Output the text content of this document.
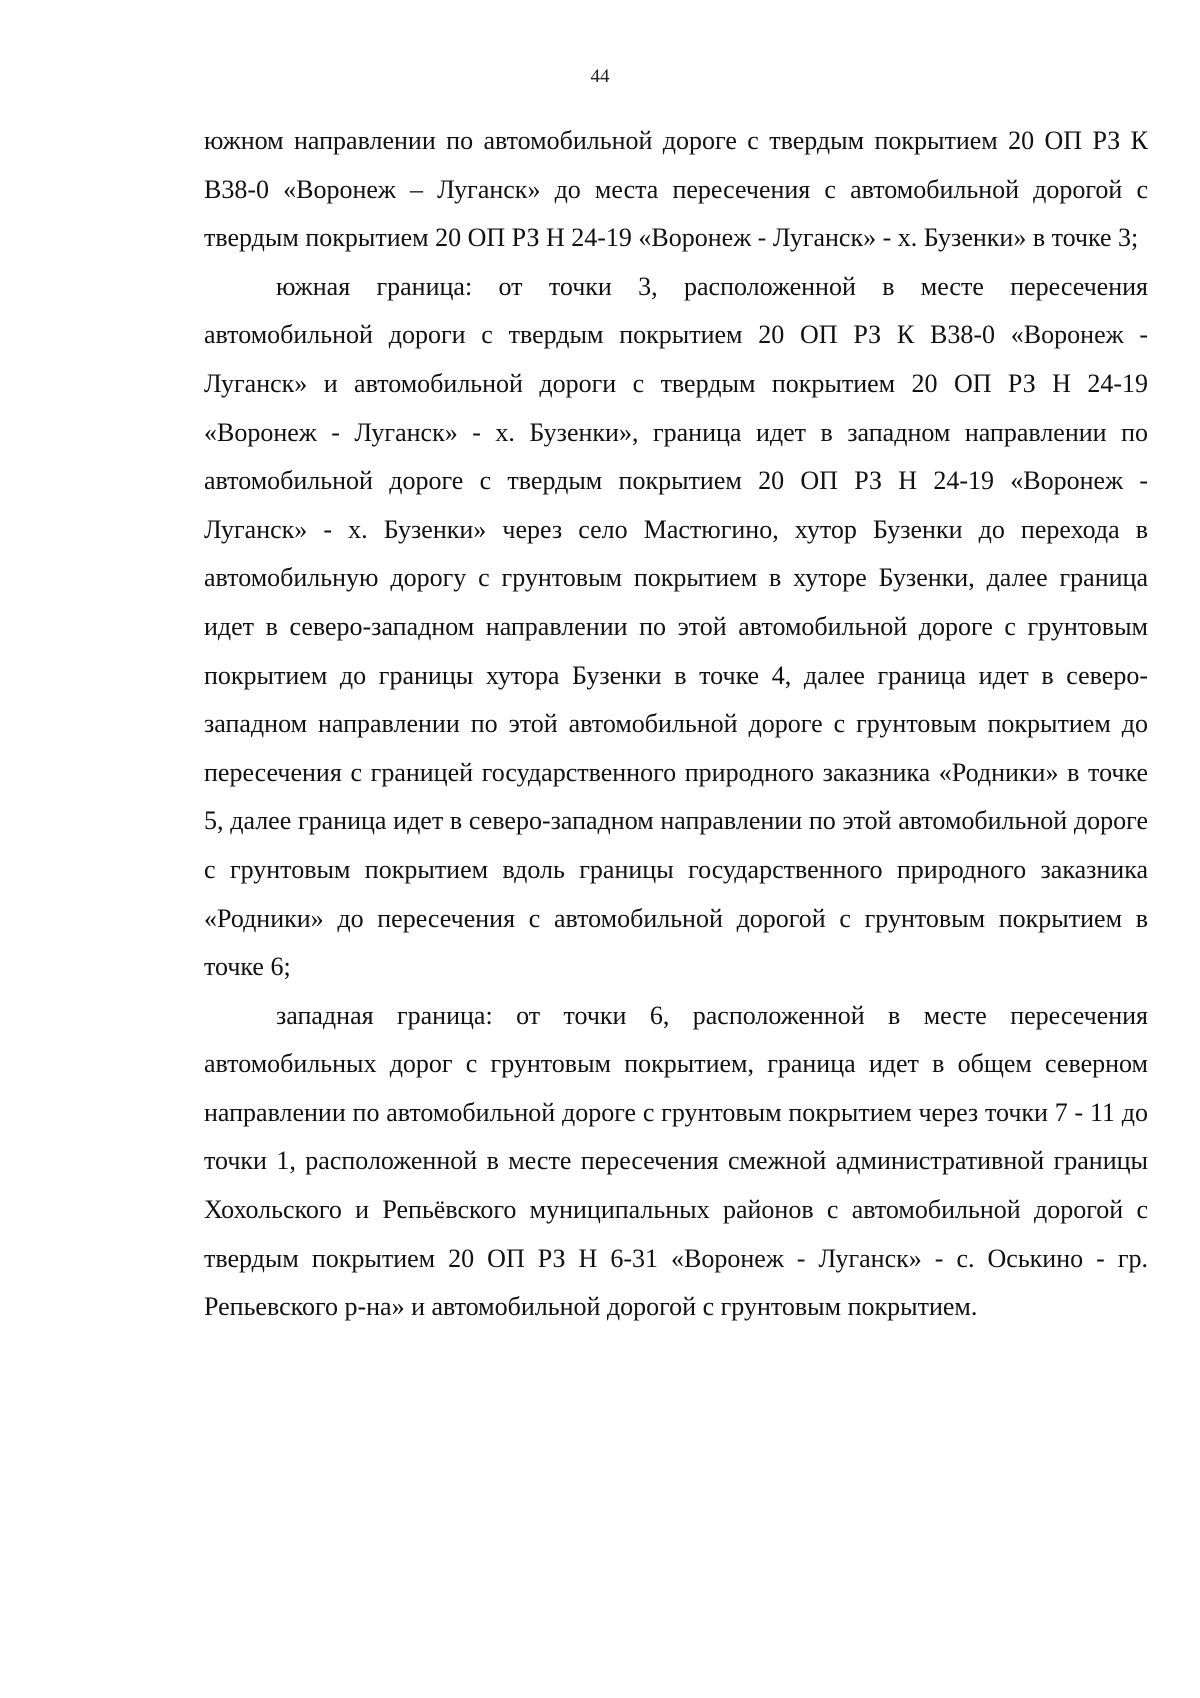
44

южном направлении по автомобильной дороге с твердым покрытием 20 ОП РЗ К В38-0 «Воронеж – Луганск» до места пересечения с автомобильной дорогой с твердым покрытием 20 ОП РЗ Н 24-19 «Воронеж - Луганск» - х. Бузенки» в точке 3;

южная граница: от точки 3, расположенной в месте пересечения автомобильной дороги с твердым покрытием 20 ОП РЗ К В38-0 «Воронеж - Луганск» и автомобильной дороги с твердым покрытием 20 ОП РЗ Н 24-19 «Воронеж - Луганск» - х. Бузенки», граница идет в западном направлении по автомобильной дороге с твердым покрытием 20 ОП РЗ Н 24-19 «Воронеж - Луганск» - х. Бузенки» через село Мастюгино, хутор Бузенки до перехода в автомобильную дорогу с грунтовым покрытием в хуторе Бузенки, далее граница идет в северо-западном направлении по этой автомобильной дороге с грунтовым покрытием до границы хутора Бузенки в точке 4, далее граница идет в северо-западном направлении по этой автомобильной дороге с грунтовым покрытием до пересечения с границей государственного природного заказника «Родники» в точке 5, далее граница идет в северо-западном направлении по этой автомобильной дороге с грунтовым покрытием вдоль границы государственного природного заказника «Родники» до пересечения с автомобильной дорогой с грунтовым покрытием в точке 6;

западная граница: от точки 6, расположенной в месте пересечения автомобильных дорог с грунтовым покрытием, граница идет в общем северном направлении по автомобильной дороге с грунтовым покрытием через точки 7 - 11 до точки 1, расположенной в месте пересечения смежной административной границы Хохольского и Репьёвского муниципальных районов с автомобильной дорогой с твердым покрытием 20 ОП РЗ Н 6-31 «Воронеж - Луганск» - с. Оськино - гр. Репьевского р-на» и автомобильной дорогой с грунтовым покрытием.
